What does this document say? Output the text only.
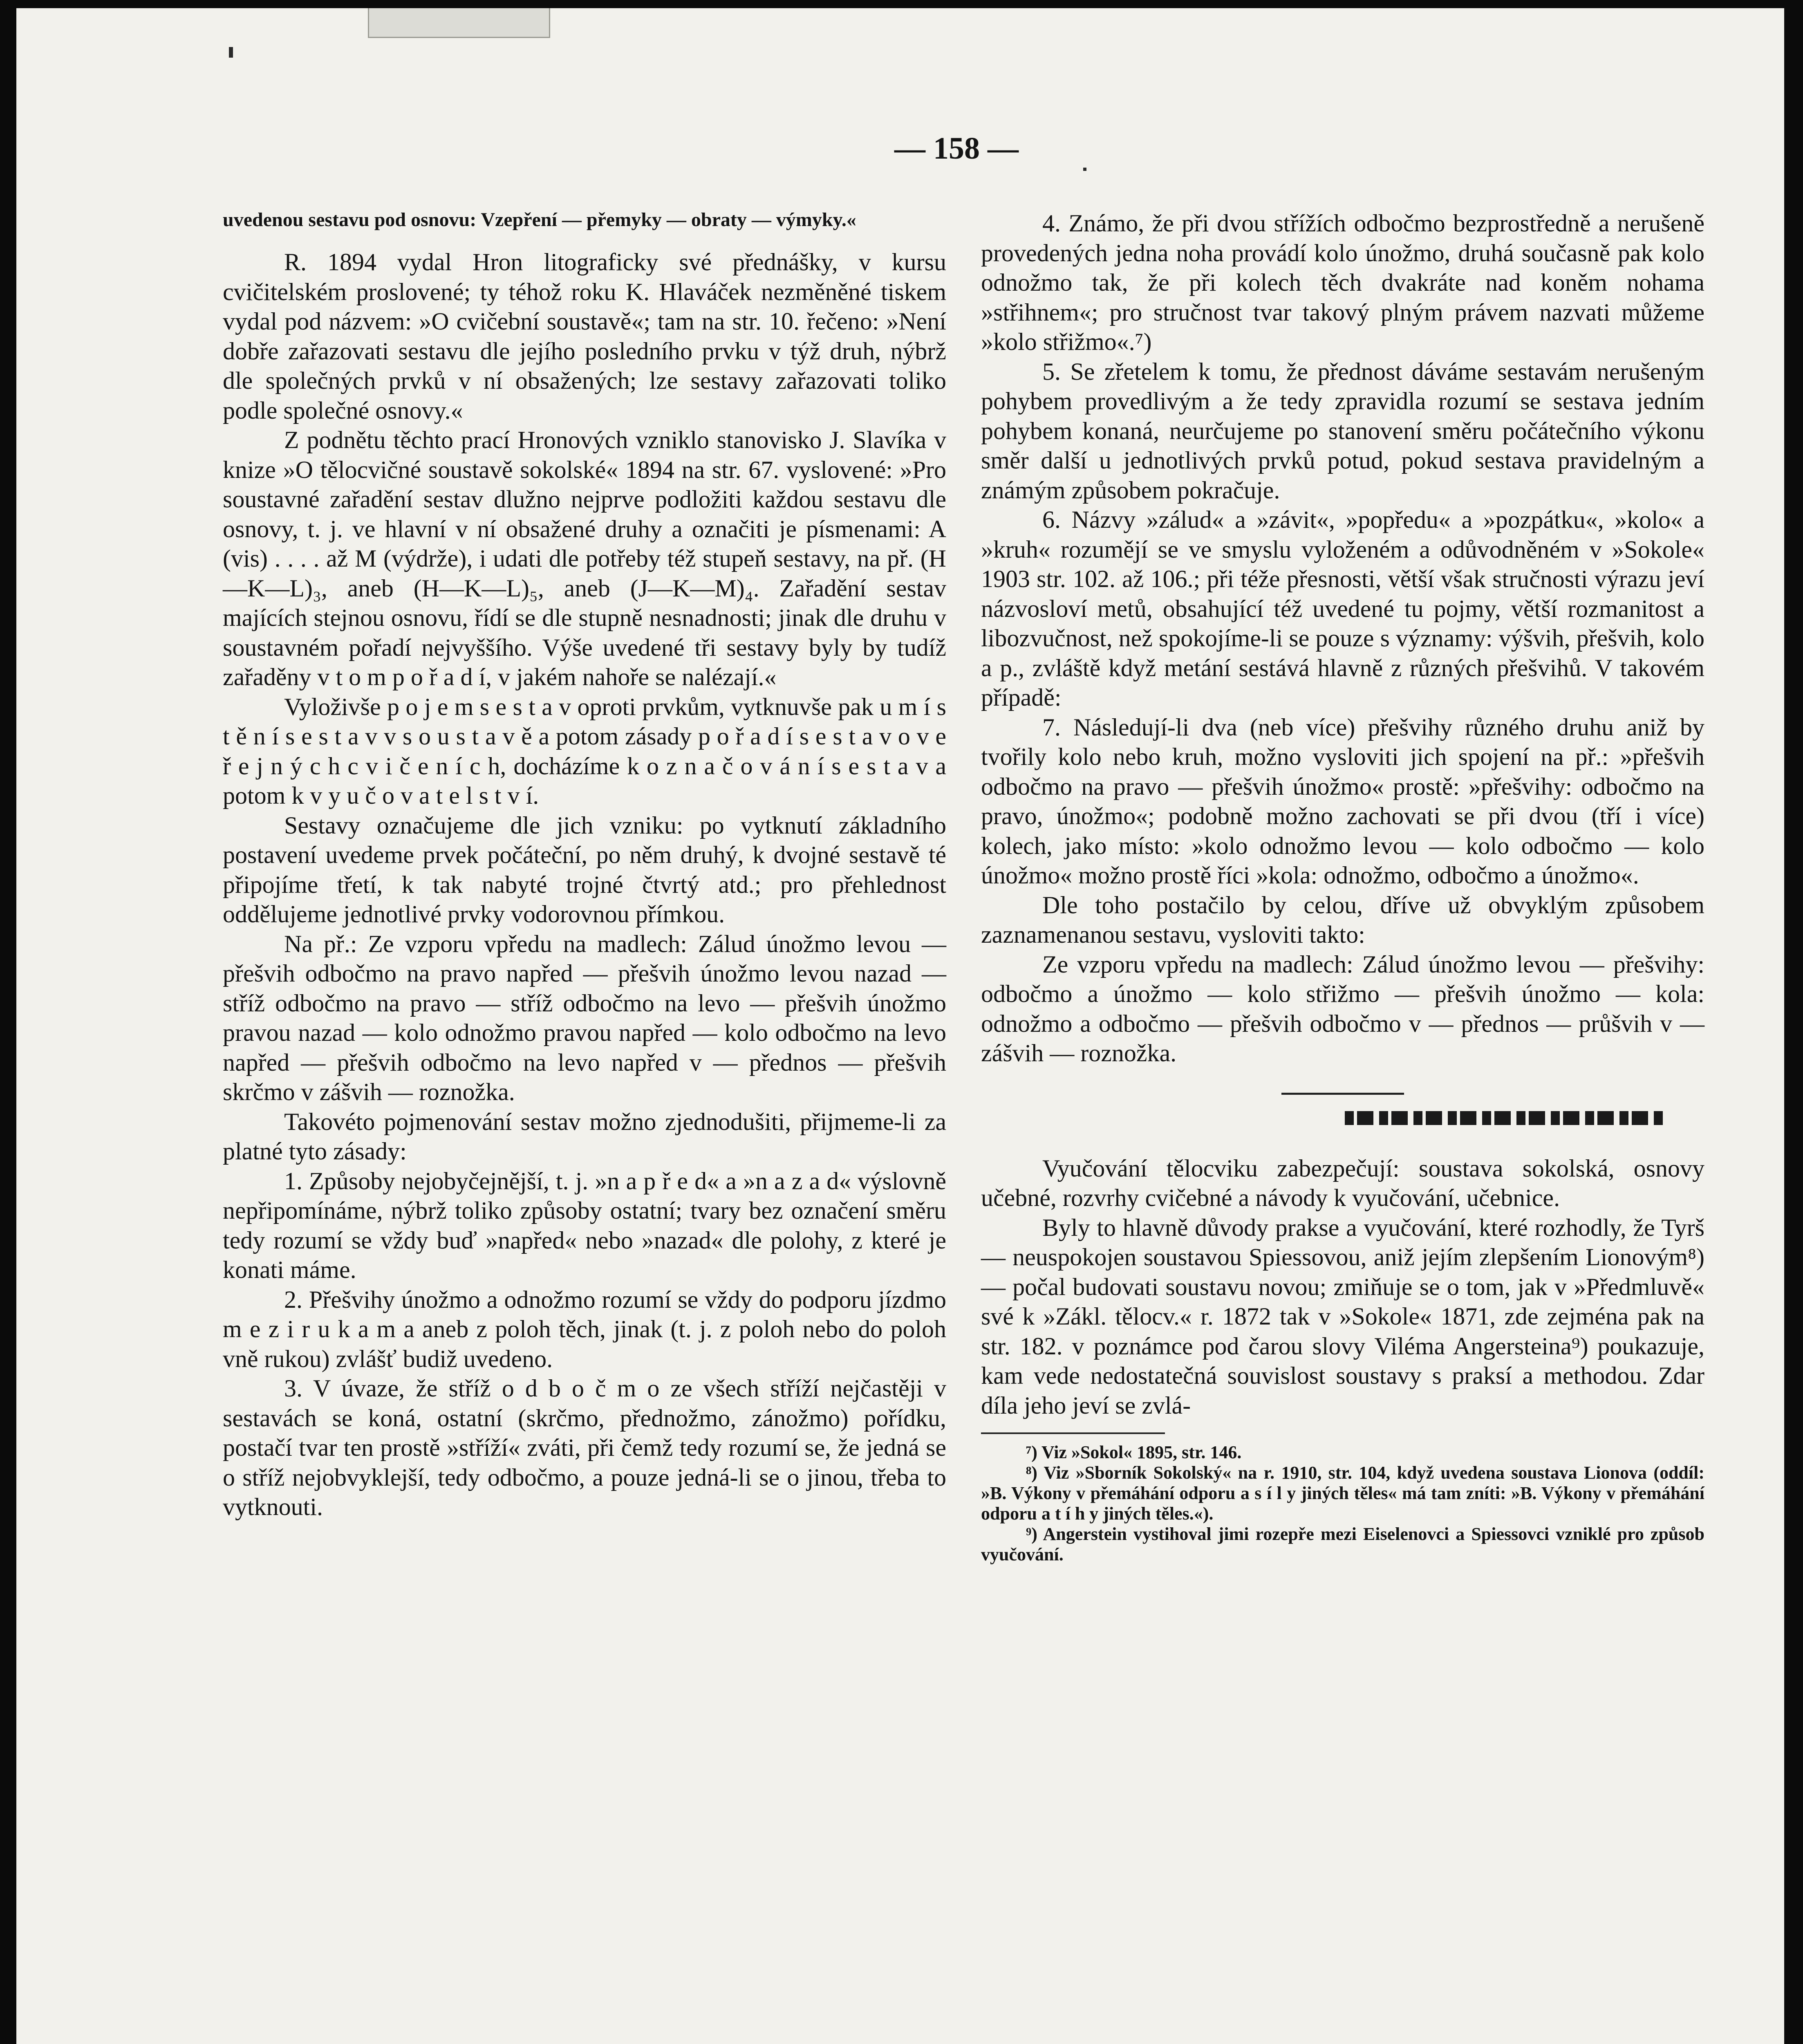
— 158 —

uvedenou sestavu pod osnovu: Vzepření — přemyky — obraty — výmyky.«

R. 1894 vydal Hron litograficky své přednášky, v kursu cvičitelském proslovené; ty téhož roku K. Hlaváček nezměněné tiskem vydal pod názvem: »O cvičební soustavě«; tam na str. 10. řečeno: »Není dobře zařazovati sestavu dle jejího posledního prvku v týž druh, nýbrž dle společných prvků v ní obsažených; lze sestavy zařazovati toliko podle společné osnovy.«

Z podnětu těchto prací Hronových vzniklo stanovisko J. Slavíka v knize »O tělocvičné soustavě sokolské« 1894 na str. 67. vyslovené: »Pro soustavné zařadění sestav dlužno nejprve podložiti každou sestavu dle osnovy, t. j. ve hlavní v ní obsažené druhy a označiti je písmenami: A (vis) . . . . až M (výdrže), i udati dle potřeby též stupeň sestavy, na př. (H—K—L)₃, aneb (H—K—L)₅, aneb (J—K—M)₄. Zařadění sestav majících stejnou osnovu, řídí se dle stupně nesnadnosti; jinak dle druhu v soustavném pořadí nejvyššího. Výše uvedené tři sestavy byly by tudíž zařaděny v t o m p o ř a d í, v jakém nahoře se nalézají.«

Vyloživše p o j e m s e s t a v oproti prvkům, vytknuvše pak u m í s t ě n í s e s t a v v s o u s t a v ě a potom zásady p o ř a d í s e s t a v o v e ř e j n ý c h c v i č e n í c h, docházíme k o z n a č o v á n í s e s t a v a potom k v y u č o v a t e l s t v í.

Sestavy označujeme dle jich vzniku: po vytknutí základního postavení uvedeme prvek počáteční, po něm druhý, k dvojné sestavě té připojíme třetí, k tak nabyté trojné čtvrtý atd.; pro přehlednost oddělujeme jednotlivé prvky vodorovnou přímkou.

Na př.: Ze vzporu vpředu na madlech: Zálud únožmo levou — přešvih odbočmo na pravo napřed — přešvih únožmo levou nazad — stříž odbočmo na pravo — stříž odbočmo na levo — přešvih únožmo pravou nazad — kolo odnožmo pravou napřed — kolo odbočmo na levo napřed — přešvih odbočmo na levo napřed v — přednos — přešvih skrčmo v zášvih — roznožka.

Takovéto pojmenování sestav možno zjednodušiti, přijmeme-li za platné tyto zásady:

1. Způsoby nejobyčejnější, t. j. »n a p ř e d« a »n a z a d« výslovně nepřipomínáme, nýbrž toliko způsoby ostatní; tvary bez označení směru tedy rozumí se vždy buď »napřed« nebo »nazad« dle polohy, z které je konati máme.

2. Přešvihy únožmo a odnožmo rozumí se vždy do podporu jízdmo m e z i r u k a m a aneb z poloh těch, jinak (t. j. z poloh nebo do poloh vně rukou) zvlášť budiž uvedeno.

3. V úvaze, že stříž o d b o č m o ze všech stříží nejčastěji v sestavách se koná, ostatní (skrčmo, přednožmo, zánožmo) pořídku, postačí tvar ten prostě »stříží« zváti, při čemž tedy rozumí se, že jedná se o stříž nejobvyklejší, tedy odbočmo, a pouze jedná-li se o jinou, třeba to vytknouti.

4. Známo, že při dvou střížích odbočmo bezprostředně a nerušeně provedených jedna noha provádí kolo únožmo, druhá současně pak kolo odnožmo tak, že při kolech těch dvakráte nad koněm nohama »střihnem«; pro stručnost tvar takový plným právem nazvati můžeme »kolo střižmo«.⁷)

5. Se zřetelem k tomu, že přednost dáváme sestavám nerušeným pohybem provedlivým a že tedy zpravidla rozumí se sestava jedním pohybem konaná, neurčujeme po stanovení směru počátečního výkonu směr další u jednotlivých prvků potud, pokud sestava pravidelným a známým způsobem pokračuje.

6. Názvy »zálud« a »závit«, »popředu« a »pozpátku«, »kolo« a »kruh« rozumějí se ve smyslu vyloženém a odůvodněném v »Sokole« 1903 str. 102. až 106.; při téže přesnosti, větší však stručnosti výrazu jeví názvosloví metů, obsahující též uvedené tu pojmy, větší rozmanitost a libozvučnost, než spokojíme-li se pouze s významy: výšvih, přešvih, kolo a p., zvláště když metání sestává hlavně z různých přešvihů. V takovém případě:

7. Následují-li dva (neb více) přešvihy různého druhu aniž by tvořily kolo nebo kruh, možno vysloviti jich spojení na př.: »přešvih odbočmo na pravo — přešvih únožmo« prostě: »přešvihy: odbočmo na pravo, únožmo«; podobně možno zachovati se při dvou (tří i více) kolech, jako místo: »kolo odnožmo levou — kolo odbočmo — kolo únožmo« možno prostě říci »kola: odnožmo, odbočmo a únožmo«.

Dle toho postačilo by celou, dříve už obvyklým způsobem zaznamenanou sestavu, vysloviti takto:

Ze vzporu vpředu na madlech: Zálud únožmo levou — přešvihy: odbočmo a únožmo — kolo střižmo — přešvih únožmo — kola: odnožmo a odbočmo — přešvih odbočmo v — přednos — průšvih v — zášvih — roznožka.

Vyučování tělocviku zabezpečují: soustava sokolská, osnovy učebné, rozvrhy cvičebné a návody k vyučování, učebnice.

Byly to hlavně důvody prakse a vyučování, které rozhodly, že Tyrš — neuspokojen soustavou Spiessovou, aniž jejím zlepšením Lionovým⁸) — počal budovati soustavu novou; zmiňuje se o tom, jak v »Předmluvě« své k »Zákl. tělocv.« r. 1872 tak v »Sokole« 1871, zde zejména pak na str. 182. v poznámce pod čarou slovy Viléma Angersteina⁹) poukazuje, kam vede nedostatečná souvislost soustavy s praksí a methodou. Zdar díla jeho jeví se zvlá-

⁷) Viz »Sokol« 1895, str. 146.

⁸) Viz »Sborník Sokolský« na r. 1910, str. 104, když uvedena soustava Lionova (oddíl: »B. Výkony v přemáhání odporu a s í l y jiných těles« má tam zníti: »B. Výkony v přemáhání odporu a t í h y jiných těles.«).

⁹) Angerstein vystihoval jimi rozepře mezi Eiselenovci a Spiessovci vzniklé pro způsob vyučování.
